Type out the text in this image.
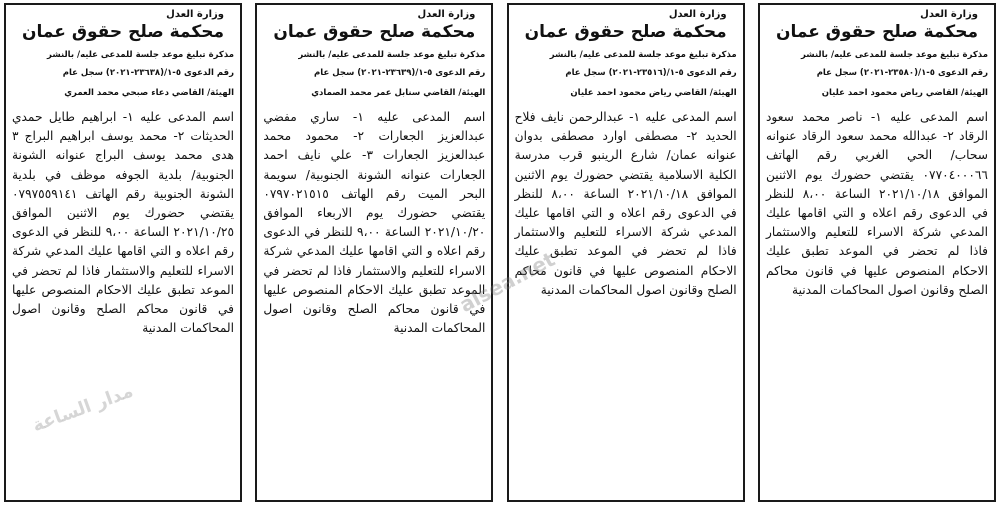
وزارة العدل
محكمة صلح حقوق عمان
مذكرة تبليغ موعد جلسة للمدعى عليه/ بالنشر
رقم الدعوى ٥-١/(٢٣٥٨٠-٢٠٢١) سجل عام
الهيئة/ القاضي رياض محمود احمد عليان
اسم المدعى عليه ١- ناصر محمد سعود الرقاد ٢- عبدالله محمد سعود الرقاد عنوانه سحاب/ الحي الغربي رقم الهاتف ٠٧٧٠٤٠٠٠٦٦ يقتضي حضورك يوم الاثنين الموافق ٢٠٢١/١٠/١٨ الساعة ٨،٠٠ للنظر في الدعوى رقم اعلاه و التي اقامها عليك المدعي شركة الاسراء للتعليم والاستثمار فاذا لم تحضر في الموعد تطبق عليك الاحكام المنصوص عليها في قانون محاكم الصلح وقانون اصول المحاكمات المدنية
وزارة العدل
محكمة صلح حقوق عمان
مذكرة تبليغ موعد جلسة للمدعى عليه/ بالنشر
رقم الدعوى ٥-١/(٢٣٥١٦-٢٠٢١) سجل عام
الهيئة/ القاضي رياض محمود احمد عليان
اسم المدعى عليه ١- عبدالرحمن نايف فلاح الحديد ٢- مصطفى اوارد مصطفى بدوان عنوانه عمان/ شارع الرينبو قرب مدرسة الكلية الاسلامية يقتضي حضورك يوم الاثنين الموافق ٢٠٢١/١٠/١٨ الساعة ٨،٠٠ للنظر في الدعوى رقم اعلاه و التي اقامها عليك المدعي شركة الاسراء للتعليم والاستثمار فاذا لم تحضر في الموعد تطبق عليك الاحكام المنصوص عليها في قانون محاكم الصلح وقانون اصول المحاكمات المدنية
وزارة العدل
محكمة صلح حقوق عمان
مذكرة تبليغ موعد جلسة للمدعى عليه/ بالنشر
رقم الدعوى ٥-١/(٢٣٦٣٩-٢٠٢١) سجل عام
الهيئة/ القاضي سنابل عمر محمد الصمادي
اسم المدعى عليه ١- ساري مفضي عبدالعزيز الجعارات ٢- محمود محمد عبدالعزيز الجعارات ٣- علي نايف احمد الجعارات عنوانه الشونة الجنوبية/ سويمة البحر الميت رقم الهاتف ٠٧٩٧٠٢١٥١٥ يقتضي حضورك يوم الاربعاء الموافق ٢٠٢١/١٠/٢٠ الساعة ٩،٠٠ للنظر في الدعوى رقم اعلاه و التي اقامها عليك المدعي شركة الاسراء للتعليم والاستثمار فاذا لم تحضر في الموعد تطبق عليك الاحكام المنصوص عليها في قانون محاكم الصلح وقانون اصول المحاكمات المدنية
وزارة العدل
محكمة صلح حقوق عمان
مذكرة تبليغ موعد جلسة للمدعى عليه/ بالنشر
رقم الدعوى ٥-١/(٢٣٦٣٨-٢٠٢١) سجل عام
الهيئة/ القاضي دعاء صبحي محمد العمري
اسم المدعى عليه ١- ابراهيم طايل حمدي الحديثات ٢- محمد يوسف ابراهيم البراج ٣ هدى محمد يوسف البراج عنوانه الشونة الجنوبية/ بلدية الجوفه موظف في بلدية الشونة الجنوبية رقم الهاتف ٠٧٩٧٥٥٩١٤١ يقتضي حضورك يوم الاثنين الموافق ٢٠٢١/١٠/٢٥ الساعة ٩،٠٠ للنظر في الدعوى رقم اعلاه و التي اقامها عليك المدعي شركة الاسراء للتعليم والاستثمار فاذا لم تحضر في الموعد تطبق عليك الاحكام المنصوص عليها في قانون محاكم الصلح وقانون اصول المحاكمات المدنية
alsea.net
مدار الساعة
